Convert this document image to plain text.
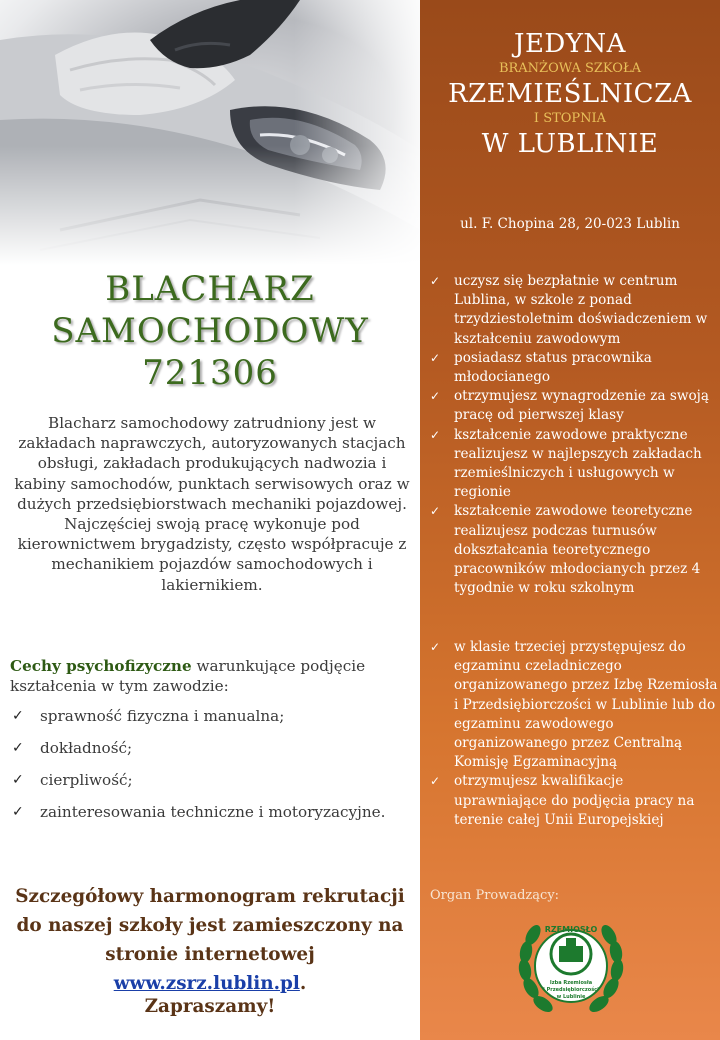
BLACHARZ
SAMOCHODOWY
721306
Blacharz samochodowy zatrudniony jest w zakładach naprawczych, autoryzowanych stacjach obsługi, zakładach produkujących nadwozia i kabiny samochodów, punktach serwisowych oraz w dużych przedsiębiorstwach mechaniki pojazdowej. Najczęściej swoją pracę wykonuje pod kierownictwem brygadzisty, często współpracuje z mechanikiem pojazdów samochodowych i lakiernikiem.
Cechy psychofizyczne warunkujące podjęcie kształcenia w tym zawodzie:
✓ sprawność fizyczna i manualna;
✓ dokładność;
✓ cierpliwość;
✓ zainteresowania techniczne i motoryzacyjne.
Szczegółowy harmonogram rekrutacji do naszej szkoły jest zamieszczony na stronie internetowej www.zsrz.lublin.pl.
Zapraszamy!
JEDYNA
BRANŻOWA SZKOŁA
RZEMIEŚLNICZA
I STOPNIA
W LUBLINIE
ul. F. Chopina 28, 20-023 Lublin
✓ uczysz się bezpłatnie w centrum Lublina, w szkole z ponad trzydziestoletnim doświadczeniem w kształceniu zawodowym
✓ posiadasz status pracownika młodocianego
✓ otrzymujesz wynagrodzenie za swoją pracę od pierwszej klasy
✓ kształcenie zawodowe praktyczne realizujesz w najlepszych zakładach rzemieślniczych i usługowych w regionie
✓ kształcenie zawodowe teoretyczne realizujesz podczas turnusów dokształcania teoretycznego pracowników młodocianych przez 4 tygodnie w roku szkolnym
✓ w klasie trzeciej przystępujesz do egzaminu czeladniczego organizowanego przez Izbę Rzemiosła i Przedsiębiorczości w Lublinie lub do egzaminu zawodowego organizowanego przez Centralną Komisję Egzaminacyjną
✓ otrzymujesz kwalifikacje uprawniające do podjęcia pracy na terenie całej Unii Europejskiej
Organ Prowadzący:
RZEMIOSŁO
Izba Rzemiosła
i Przedsiębiorczości
w Lublinie
